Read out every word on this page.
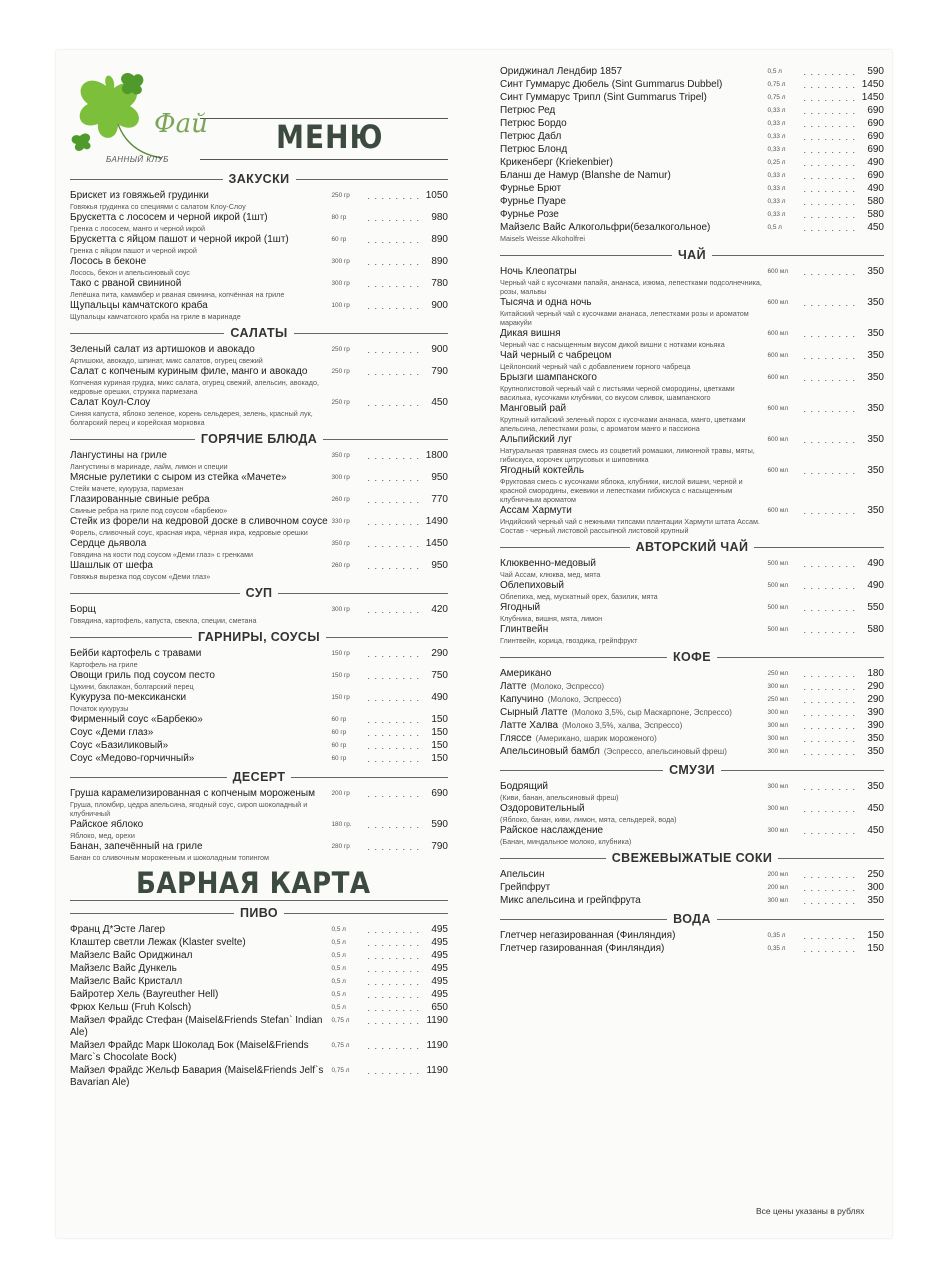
Фай
БАННЫЙ КЛУБ
МЕНЮ
ЗАКУСКИ
Брискет из говяжьей грудинки
Говяжья грудинка со специями с салатом Клоу-Слоу
250 гр	. . . . . . . . 1050
Брускетта с лососем и черной икрой (1шт)
Гренка с лососем, манго и черной икрой
80 гр	. . . . . . . .	980
Брускетта с яйцом пашот и черной икрой (1шт)
Гренка с яйцом пашот и черной икрой
60 гр	. . . . . . . .	890
Лосось в беконе
Лосось, бекон и апельсиновый соус
300 гр	. . . . . . . .	890
Тако с рваной свининой
Лепёшка пита, камамбер и рваная свинина, копчённая на гриле
300 гр	. . . . . . . .	780
Щупальцы камчатского краба
Щупальцы камчатского краба на гриле в маринаде
100 гр	. . . . . . . .	900
САЛАТЫ
Зеленый салат из артишоков и авокадо
Артишоки, авокадо, шпинат, микс салатов, огурец свежий
250 гр	. . . . . . . .	900
Салат с копченым куриным филе, манго и авокадо
Копченая куриная грудка, микс салата, огурец свежий, апельсин, авокадо, кедровые орешки, стружка пармезана
250 гр	. . . . . . . .	790
Салат Коул-Слоу
Синяя капуста, яблоко зеленое, корень сельдерея, зелень, красный лук, болгарский перец и корейская морковка
250 гр	. . . . . . . .	450
ГОРЯЧИЕ БЛЮДА
Лангустины на гриле
Лангустины в маринаде, лайм, лимон и специи
350 гр	. . . . . . . . 1800
Мясные рулетики с сыром из стейка «Мачете»
Стейк мачете, кукуруза, пармезан
300 гр	. . . . . . . .	950
Глазированные свиные ребра
Свиные ребра на гриле под соусом «барбекю»
260 гр	. . . . . . . .	770
Стейк из форели на кедровой доске в сливочном соусе
Форель, сливочный соус, красная икра, чёрная икра, кедровые орешки
330 гр	. . . . . . . . 1490
Сердце дьявола
Говядина на кости под соусом «Деми глаз» с гренками
350 гр	. . . . . . . . 1450
Шашлык от шефа
Говяжья вырезка под соусом «Деми глаз»
260 гр	. . . . . . . .	950
СУП
Борщ
Говядина, картофель, капуста, свекла, специи, сметана
300 гр	. . . . . . . .	420
ГАРНИРЫ, СОУСЫ
Бейби картофель с травами
Картофель на гриле
150 гр	. . . . . . . .	290
Овощи гриль под соусом песто
Цукини, баклажан, болгарский перец
150 гр	. . . . . . . .	750
Кукуруза по-мексикански
Початок кукурузы
150 гр	. . . . . . . .	490
Фирменный соус «Барбекю»	60 гр	. . . . . . . .	150
Соус «Деми глаз»	60 гр	. . . . . . . .	150
Соус «Базиликовый»	60 гр	. . . . . . . .	150
Соус «Медово-горчичный»	60 гр	. . . . . . . .	150
ДЕСЕРТ
Груша карамелизированная с копченым мороженым
Груша, пломбир, цедра апельсина, ягодный соус, сироп шоколадный и клубничный
200 гр	. . . . . . . .	690
Райское яблоко
Яблоко, мед, орехи
180 гр.	. . . . . . . .	590
Банан, запечённый на гриле
Банан со сливочным мороженным и шоколадным топингом
280 гр	. . . . . . . .	790
БАРНАЯ КАРТА
ПИВО
Франц Д*Эсте Лагер	0,5 л	. . . . . . . .	495
Клаштер светли Лежак (Klaster svelte)	0,5 л	. . . . . . . .	495
Майзелс Вайс Ориджинал	0,5 л	. . . . . . . .	495
Майзелс Вайс Дункель	0,5 л	. . . . . . . .	495
Майзелс Вайс Кристалл	0,5 л	. . . . . . . .	495
Байротер Хель (Bayreuther Hell)	0,5 л	. . . . . . . .	495
Фрюх Кельш (Fruh Kolsch)	0,5 л	. . . . . . . .	650
Майзел Фрайдс Стефан (Maisel&Friends Stefan` Indian Ale)
0,75 л	. . . . . . . . 1190
Майзел Фрайдс Марк Шоколад Бок (Maisel&Friends Marc`s Chocolate Bock)
0,75 л	. . . . . . . . 1190
Майзел Фрайдс Жельф Бавария (Maisel&Friends Jelf`s Bavarian Ale)
0,75 л	. . . . . . . . 1190
Ориджинал Лендбир 1857	0,5 л	. . . . . . . .	590
Синт Гуммарус Дюбель (Sint Gummarus Dubbel)	0,75 л	. . . . . . . . 1450
Синт Гуммарус Трипл (Sint Gummarus Tripel)	0,75 л	. . . . . . . . 1450
Петрюс Ред	0,33 л	. . . . . . . .	690
Петрюс Бордо	0,33 л	. . . . . . . .	690
Петрюс Дабл	0,33 л	. . . . . . . .	690
Петрюс Блонд	0,33 л	. . . . . . . .	690
Крикенберг (Kriekenbier)	0,25 л	. . . . . . . .	490
Бланш де Намур (Blanshe de Namur)	0,33 л	. . . . . . . .	690
Фурнье Брют	0,33 л	. . . . . . . .	490
Фурнье Пуаре	0,33 л	. . . . . . . .	580
Фурнье Розе	0,33 л	. . . . . . . .	580
Майзелс Вайс Алкогольфри(безалкогольное)
Maisels Weisse Alkoholfrei
0,5 л	. . . . . . . .	450
ЧАЙ
Ночь Клеопатры
Черный чай с кусочками папайя, ананаса, изюма, лепестками подсолнечника, розы, мальвы
600 мл	. . . . . . . .	350
Тысяча и одна ночь
Китайский черный чай с кусочками ананаса, лепестками розы и ароматом маракуйи
600 мл	. . . . . . . .	350
Дикая вишня
Черный час с насыщенным вкусом дикой вишни с нотками коньяка
600 мл	. . . . . . . .	350
Чай черный с чабрецом
Цейлонский черный чай с добавлением горного чабреца
600 мл	. . . . . . . .	350
Брызги шампанского
Крупнолистовой черный чай с листьями черной смородины, цветками василька, кусочками клубники, со вкусом сливок, шампанского
600 мл	. . . . . . . .	350
Манговый рай
Крупный китайский зеленый порох с кусочками ананаса, манго, цветками апельсина, лепестками розы, с ароматом манго и пассиона
600 мл	. . . . . . . .	350
Альпийский луг
Натуральная травяная смесь из соцветий ромашки, лимонной травы, мяты, гибискуса, корочек цитрусовых и шиповника
600 мл	. . . . . . . .	350
Ягодный коктейль
Фруктовая смесь с кусочками яблока, клубники, кислой вишни, черной и красной смородины, ежевики и лепестками гибискуса с насыщенным клубничным ароматом
600 мл	. . . . . . . .	350
Ассам Хармути
Индийский черный чай с нежными типсами плантации Хармути штата Ассам. Состав - черный листовой рассыпной листовой крупный
600 мл	. . . . . . . .	350
АВТОРСКИЙ ЧАЙ
Клюквенно-медовый
Чай Ассам, клюква, мед, мята
500 мл	. . . . . . . .	490
Облепиховый
Облепиха, мед, мускатный орех, базилик, мята
500 мл	. . . . . . . .	490
Ягодный
Клубника, вишня, мята, лимон
500 мл	. . . . . . . .	550
Глинтвейн
Глинтвейн, корица, гвоздика, грейпфрукт
500 мл	. . . . . . . .	580
КОФЕ
Американо	250 мл	. . . . . . . .	180
Латте (Молоко, Эспрессо)	300 мл	. . . . . . . .	290
Капучино (Молоко, Эспрессо)	250 мл	. . . . . . . .	290
Сырный Латте (Молоко 3,5%, сыр Маскарпоне, Эспрессо)	300 мл	. . . . . . . .	390
Латте Халва (Молоко 3,5%, халва, Эспрессо)	300 мл	. . . . . . . .	390
Гляссе (Американо, шарик мороженого)	300 мл	. . . . . . . .	350
Апельсиновый бамбл (Эспрессо, апельсиновый фреш)	300 мл	. . . . . . . .	350
СМУЗИ
Бодрящий
(Киви, банан, апельсиновый фреш)
300 мл	. . . . . . . .	350
Оздоровительный
(Яблоко, банан, киви, лимон, мята, сельдерей, вода)
300 мл	. . . . . . . .	450
Райское наслаждение
(Банан, миндальное молоко, клубника)
300 мл	. . . . . . . .	450
СВЕЖЕВЫЖАТЫЕ СОКИ
Апельсин	200 мл	. . . . . . . .	250
Грейпфрут	200 мл	. . . . . . . .	300
Микс апельсина и грейпфрута	300 мл	. . . . . . . .	350
ВОДА
Глетчер негазированная (Финляндия)	0,35 л	. . . . . . . .	150
Глетчер газированная (Финляндия)	0,35 л	. . . . . . . .	150
Все цены указаны в рублях
